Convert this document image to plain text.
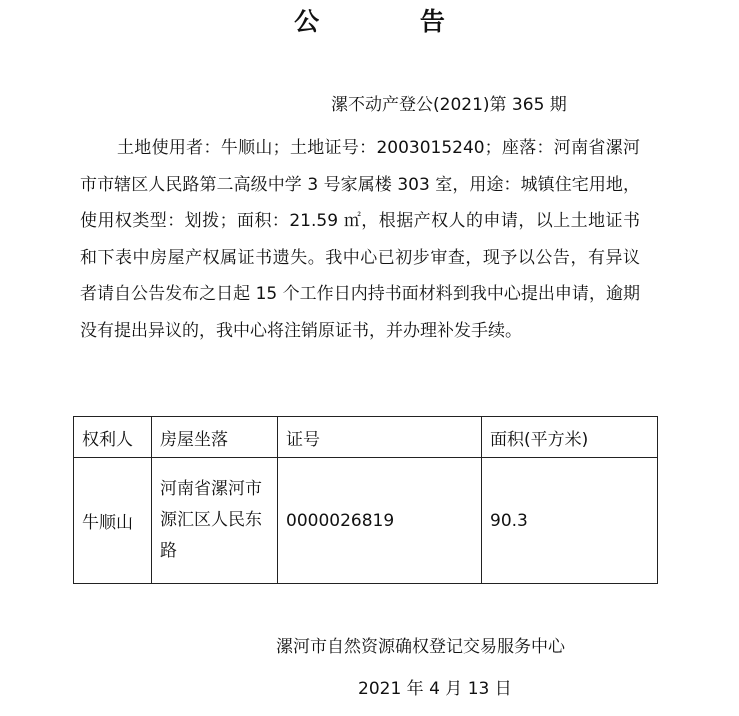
公 告
漯不动产登公(2021)第 365 期

土地使用者：牛顺山；土地证号：2003015240；座落：河南省漯河市市辖区人民路第二高级中学 3 号家属楼 303 室，用途：城镇住宅用地，使用权类型：划拨；面积：21.59 ㎡，根据产权人的申请，以上土地证书和下表中房屋产权属证书遗失。我中心已初步审查，现予以公告，有异议者请自公告发布之日起 15 个工作日内持书面材料到我中心提出申请，逾期没有提出异议的，我中心将注销原证书，并办理补发手续。

权利人	房屋坐落	证号	面积(平方米)
牛顺山	河南省漯河市源汇区人民东路	0000026819	90.3
漯河市自然资源确权登记交易服务中心
2021 年 4 月 13 日
